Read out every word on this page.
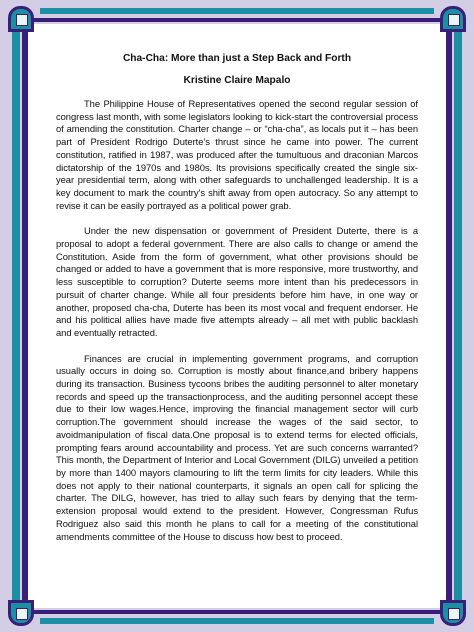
Cha-Cha: More than just a Step Back and Forth
Kristine Claire Mapalo

The Philippine House of Representatives opened the second regular session of congress last month, with some legislators looking to kick-start the controversial process of amending the constitution. Charter change – or “cha-cha”, as locals put it – has been part of President Rodrigo Duterte’s thrust since he came into power. The current constitution, ratified in 1987, was produced after the tumultuous and draconian Marcos dictatorship of the 1970s and 1980s. Its provisions specifically created the single six-year presidential term, along with other safeguards to unchallenged leadership. It is a key document to mark the country’s shift away from open autocracy. So any attempt to revise it can be easily portrayed as a political power grab.

Under the new dispensation or government of President Duterte, there is a proposal to adopt a federal government. There are also calls to change or amend the Constitution. Aside from the form of government, what other provisions should be changed or added to have a government that is more responsive, more trustworthy, and less susceptible to corruption? Duterte seems more intent than his predecessors in pursuit of charter change. While all four presidents before him have, in one way or another, proposed cha-cha, Duterte has been its most vocal and frequent endorser. He and his political allies have made five attempts already – all met with public backlash and eventually retracted.

Finances are crucial in implementing government programs, and corruption usually occurs in doing so. Corruption is mostly about finance,and bribery happens during its transaction. Business tycoons bribes the auditing personnel to alter monetary records and speed up the transactionprocess, and the auditing personnel accept these due to their low wages.Hence, improving the financial management sector will curb corruption.The government should increase the wages of the said sector, to avoidmanipulation of fiscal data.One proposal is to extend terms for elected officials, prompting fears around accountability and process. Yet are such concerns warranted? This month, the Department of Interior and Local Government (DILG) unveiled a petition by more than 1400 mayors clamouring to lift the term limits for city leaders. While this does not apply to their national counterparts, it signals an open call for splicing the charter. The DILG, however, has tried to allay such fears by denying that the term-extension proposal would extend to the president. However, Congressman Rufus Rodriguez also said this month he plans to call for a meeting of the constitutional amendments committee of the House to discuss how best to proceed.
